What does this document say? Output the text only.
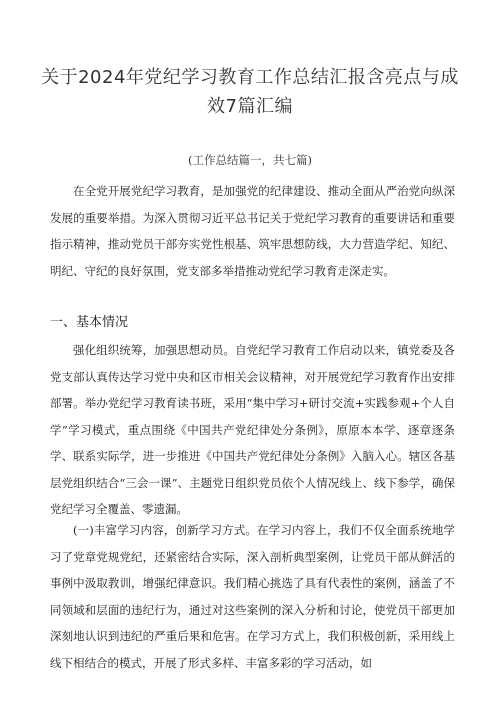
关于2024年党纪学习教育工作总结汇报含亮点与成效7篇汇编
(工作总结篇一，共七篇)

在全党开展党纪学习教育，是加强党的纪律建设、推动全面从严治党向纵深发展的重要举措。为深入贯彻习近平总书记关于党纪学习教育的重要讲话和重要指示精神，推动党员干部夯实党性根基、筑牢思想防线，大力营造学纪、知纪、明纪、守纪的良好氛围，党支部多举措推动党纪学习教育走深走实。

一、基本情况

强化组织统筹，加强思想动员。自党纪学习教育工作启动以来，镇党委及各党支部认真传达学习党中央和区市相关会议精神，对开展党纪学习教育作出安排部署。举办党纪学习教育读书班，采用“集中学习+研讨交流+实践参观+个人自学”学习模式，重点围绕《中国共产党纪律处分条例》，原原本本学、逐章逐条学、联系实际学，进一步推进《中国共产党纪律处分条例》入脑入心。辖区各基层党组织结合“三会一课”、主题党日组织党员依个人情况线上、线下参学，确保党纪学习全覆盖、零遗漏。

(一)丰富学习内容，创新学习方式。在学习内容上，我们不仅全面系统地学习了党章党规党纪，还紧密结合实际，深入剖析典型案例，让党员干部从鲜活的事例中汲取教训，增强纪律意识。我们精心挑选了具有代表性的案例，涵盖了不同领域和层面的违纪行为，通过对这些案例的深入分析和讨论，使党员干部更加深刻地认识到违纪的严重后果和危害。在学习方式上，我们积极创新，采用线上线下相结合的模式，开展了形式多样、丰富多彩的学习活动，如
